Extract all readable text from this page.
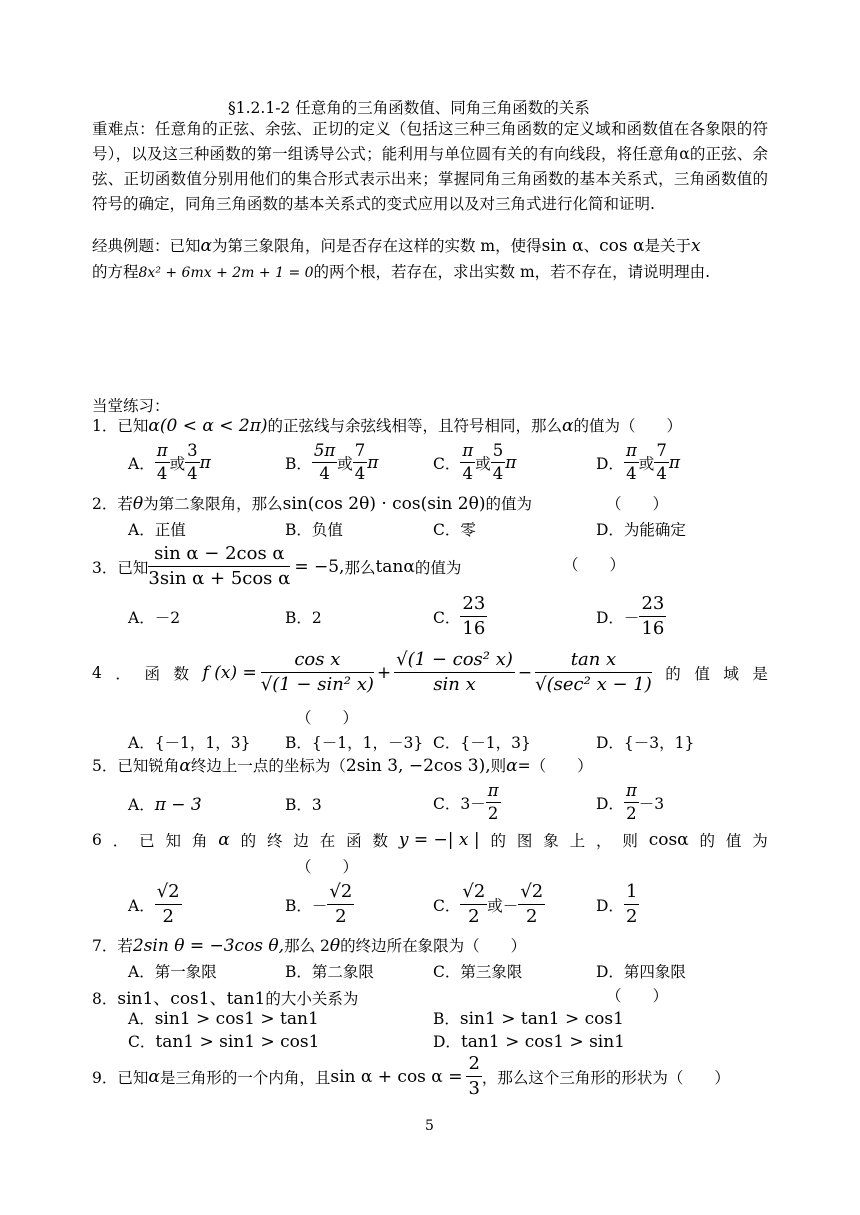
§1.2.1-2 任意角的三角函数值、同角三角函数的关系
重难点：任意角的正弦、余弦、正切的定义（包括这三种三角函数的定义域和函数值在各象限的符号），以及这三种函数的第一组诱导公式；能利用与单位圆有关的有向线段，将任意角α的正弦、余弦、正切函数值分别用他们的集合形式表示出来；掌握同角三角函数的基本关系式，三角函数值的符号的确定，同角三角函数的基本关系式的变式应用以及对三角式进行化简和证明.
经典例题：已知α为第三象限角，问是否存在这样的实数 m，使得sin α、cos α是关于x
的方程8x² + 6mx + 2m + 1 = 0的两个根，若存在，求出实数 m，若不存在，请说明理由.
当堂练习：
1．已知α(0 < α < 2π)的正弦线与余弦线相等，且符号相同，那么α的值为（　　）
A． $\frac{\pi}{4}$ 或 $\frac{3}{4}$ π	B． $\frac{5\pi}{4}$ 或 $\frac{7}{4}$ π	C． $\frac{\pi}{4}$ 或 $\frac{5}{4}$ π	D． $\frac{\pi}{4}$ 或 $\frac{7}{4}$ π
2．若θ为第二象限角，那么sin(cos 2θ) · cos(sin 2θ)的值为	（　　）
A．正值	B．负值	C．零	D．为能确定
3．已知 $\frac{\text{sin α − 2cos α}}{\text{3sin α + 5cos α}} = -5$, 那么 tanα 的值为	（　　）
A．－2	B．2	C． $\frac{23}{16}$	D．－ $\frac{23}{16}$
4 ． 函 数 f $(x) = \frac{\text{cos x}}{\text{√(1 − sin² x)}} + \frac{\text{√(1 − cos² x)}}{\text{sin x}} - \frac{\text{tan x}}{\text{√(sec² x − 1)}}$ 的 值 域 是
（　　）
A．{－1，1，3} B．{－1，1，－3} C．{－1，3}	D．{－3，1}
5．已知锐角α终边上一点的坐标为（2sin 3, −2cos 3),则α=（　　）
A．π − 3	B．3	C．$3- \frac{\pi}{2}$	D． $\frac{\pi}{2} -3$
6 ． 已 知 角 α 的 终 边 在 函 数 y = −| x | 的 图 象 上 ， 则 cosα 的 值 为
（　　）
A． $\frac{√2}{2}$	B．－ $\frac{√2}{2}$	C． $\frac{√2}{2}$ 或－ $\frac{√2}{2}$	D． $\frac{1}{2}$
7．若2sin θ = −3cos θ,那么 2θ的终边所在象限为（　　）
A．第一象限	B．第二象限	C．第三象限	D．第四象限
8．sin1、cos1、tan1的大小关系为	（　　）
A．sin1 > cos1 > tan1	B．sin1 > tan1 > cos1
C．tan1 > sin1 > cos1	D．tan1 > cos1 > sin1
9．已知 α 是三角形的一个内角，且 $\sin \alpha + \cos \alpha = \frac{2}{3}$ ，那么这个三角形的形状为（　　）
5
